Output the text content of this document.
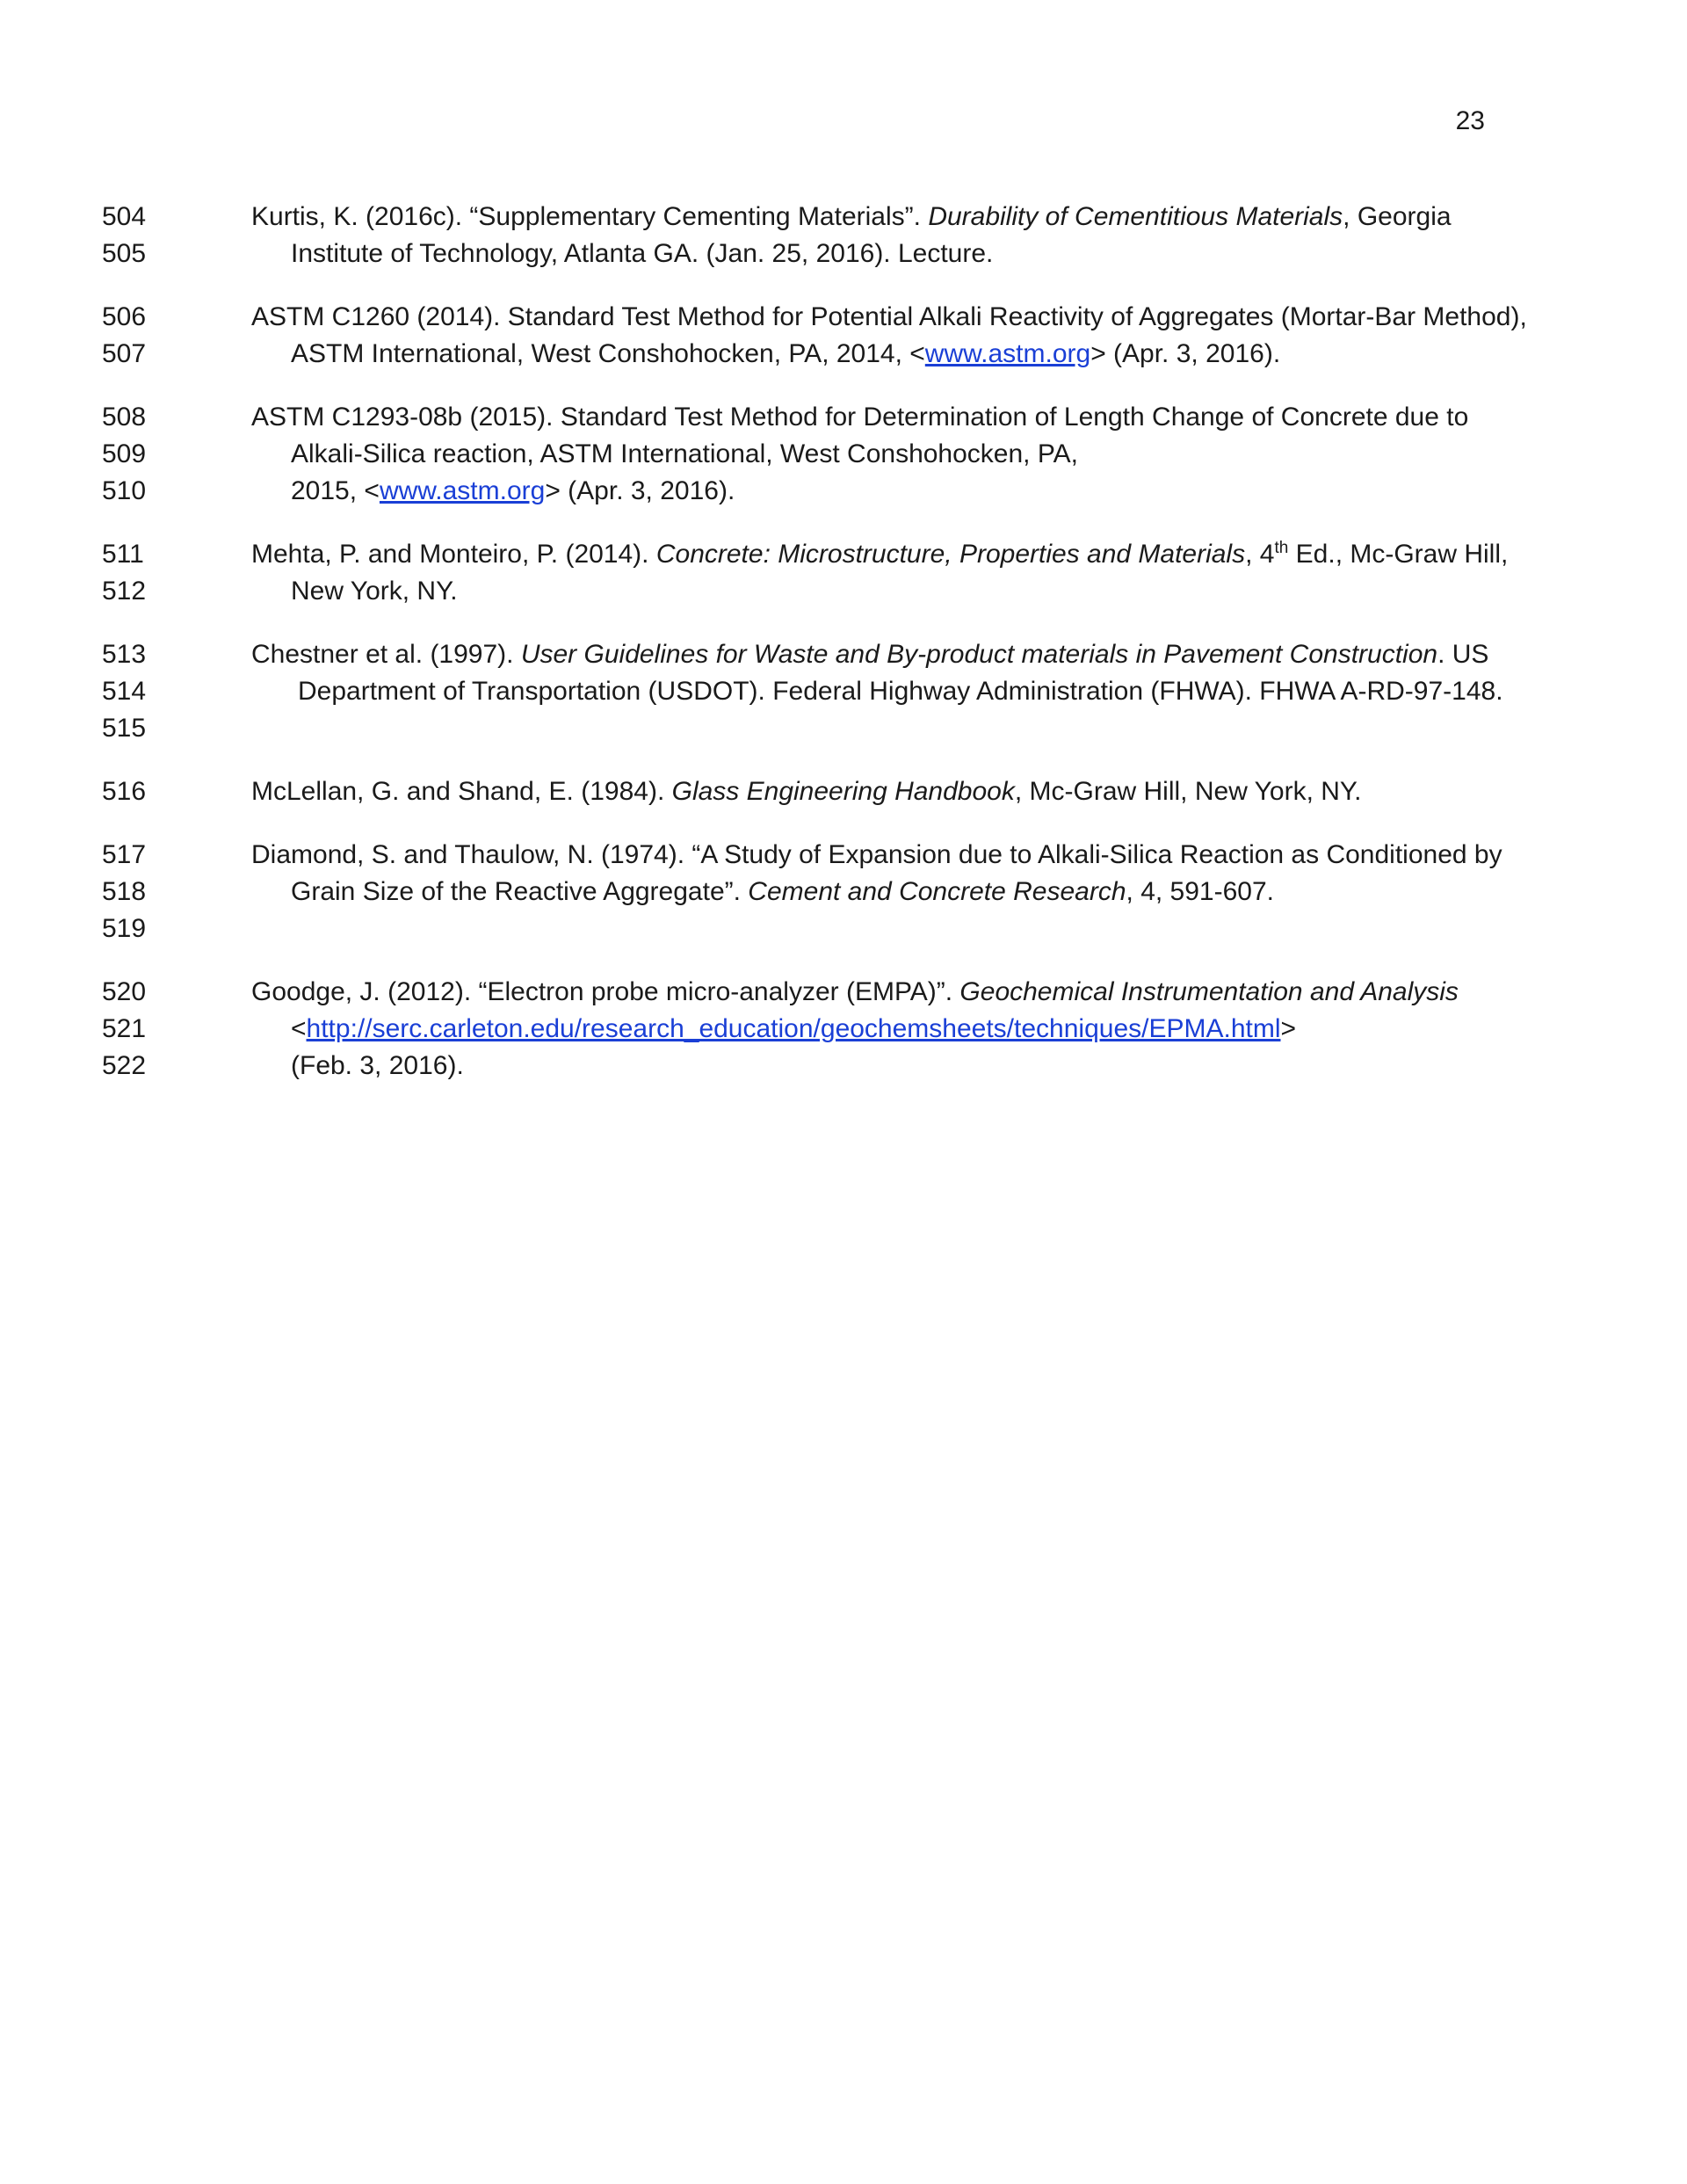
23
504
505
Kurtis, K. (2016c). “Supplementary Cementing Materials”. Durability of Cementitious Materials, Georgia Institute of Technology, Atlanta GA. (Jan. 25, 2016). Lecture.
506
507
ASTM C1260 (2014). Standard Test Method for Potential Alkali Reactivity of Aggregates (Mortar-Bar Method), ASTM International, West Conshohocken, PA, 2014, <www.astm.org> (Apr. 3, 2016).
508
509
510
ASTM C1293-08b (2015). Standard Test Method for Determination of Length Change of Concrete due to Alkali-Silica reaction, ASTM International, West Conshohocken, PA,
2015, <www.astm.org> (Apr. 3, 2016).
511
512
Mehta, P. and Monteiro, P. (2014). Concrete: Microstructure, Properties and Materials, 4th Ed., Mc-Graw Hill, New York, NY.
513
514
515
Chestner et al. (1997). User Guidelines for Waste and By-product materials in Pavement Construction. US Department of Transportation (USDOT). Federal Highway Administration (FHWA). FHWA A-RD-97-148.
516	McLellan, G. and Shand, E. (1984). Glass Engineering Handbook, Mc-Graw Hill, New York, NY.
517
518
519
Diamond, S. and Thaulow, N. (1974). “A Study of Expansion due to Alkali-Silica Reaction as Conditioned by Grain Size of the Reactive Aggregate”. Cement and Concrete Research, 4, 591-607.
520
521
522
Goodge, J. (2012). “Electron probe micro-analyzer (EMPA)”. Geochemical Instrumentation and Analysis <http://serc.carleton.edu/research_education/geochemsheets/techniques/EPMA.html>
(Feb. 3, 2016).
